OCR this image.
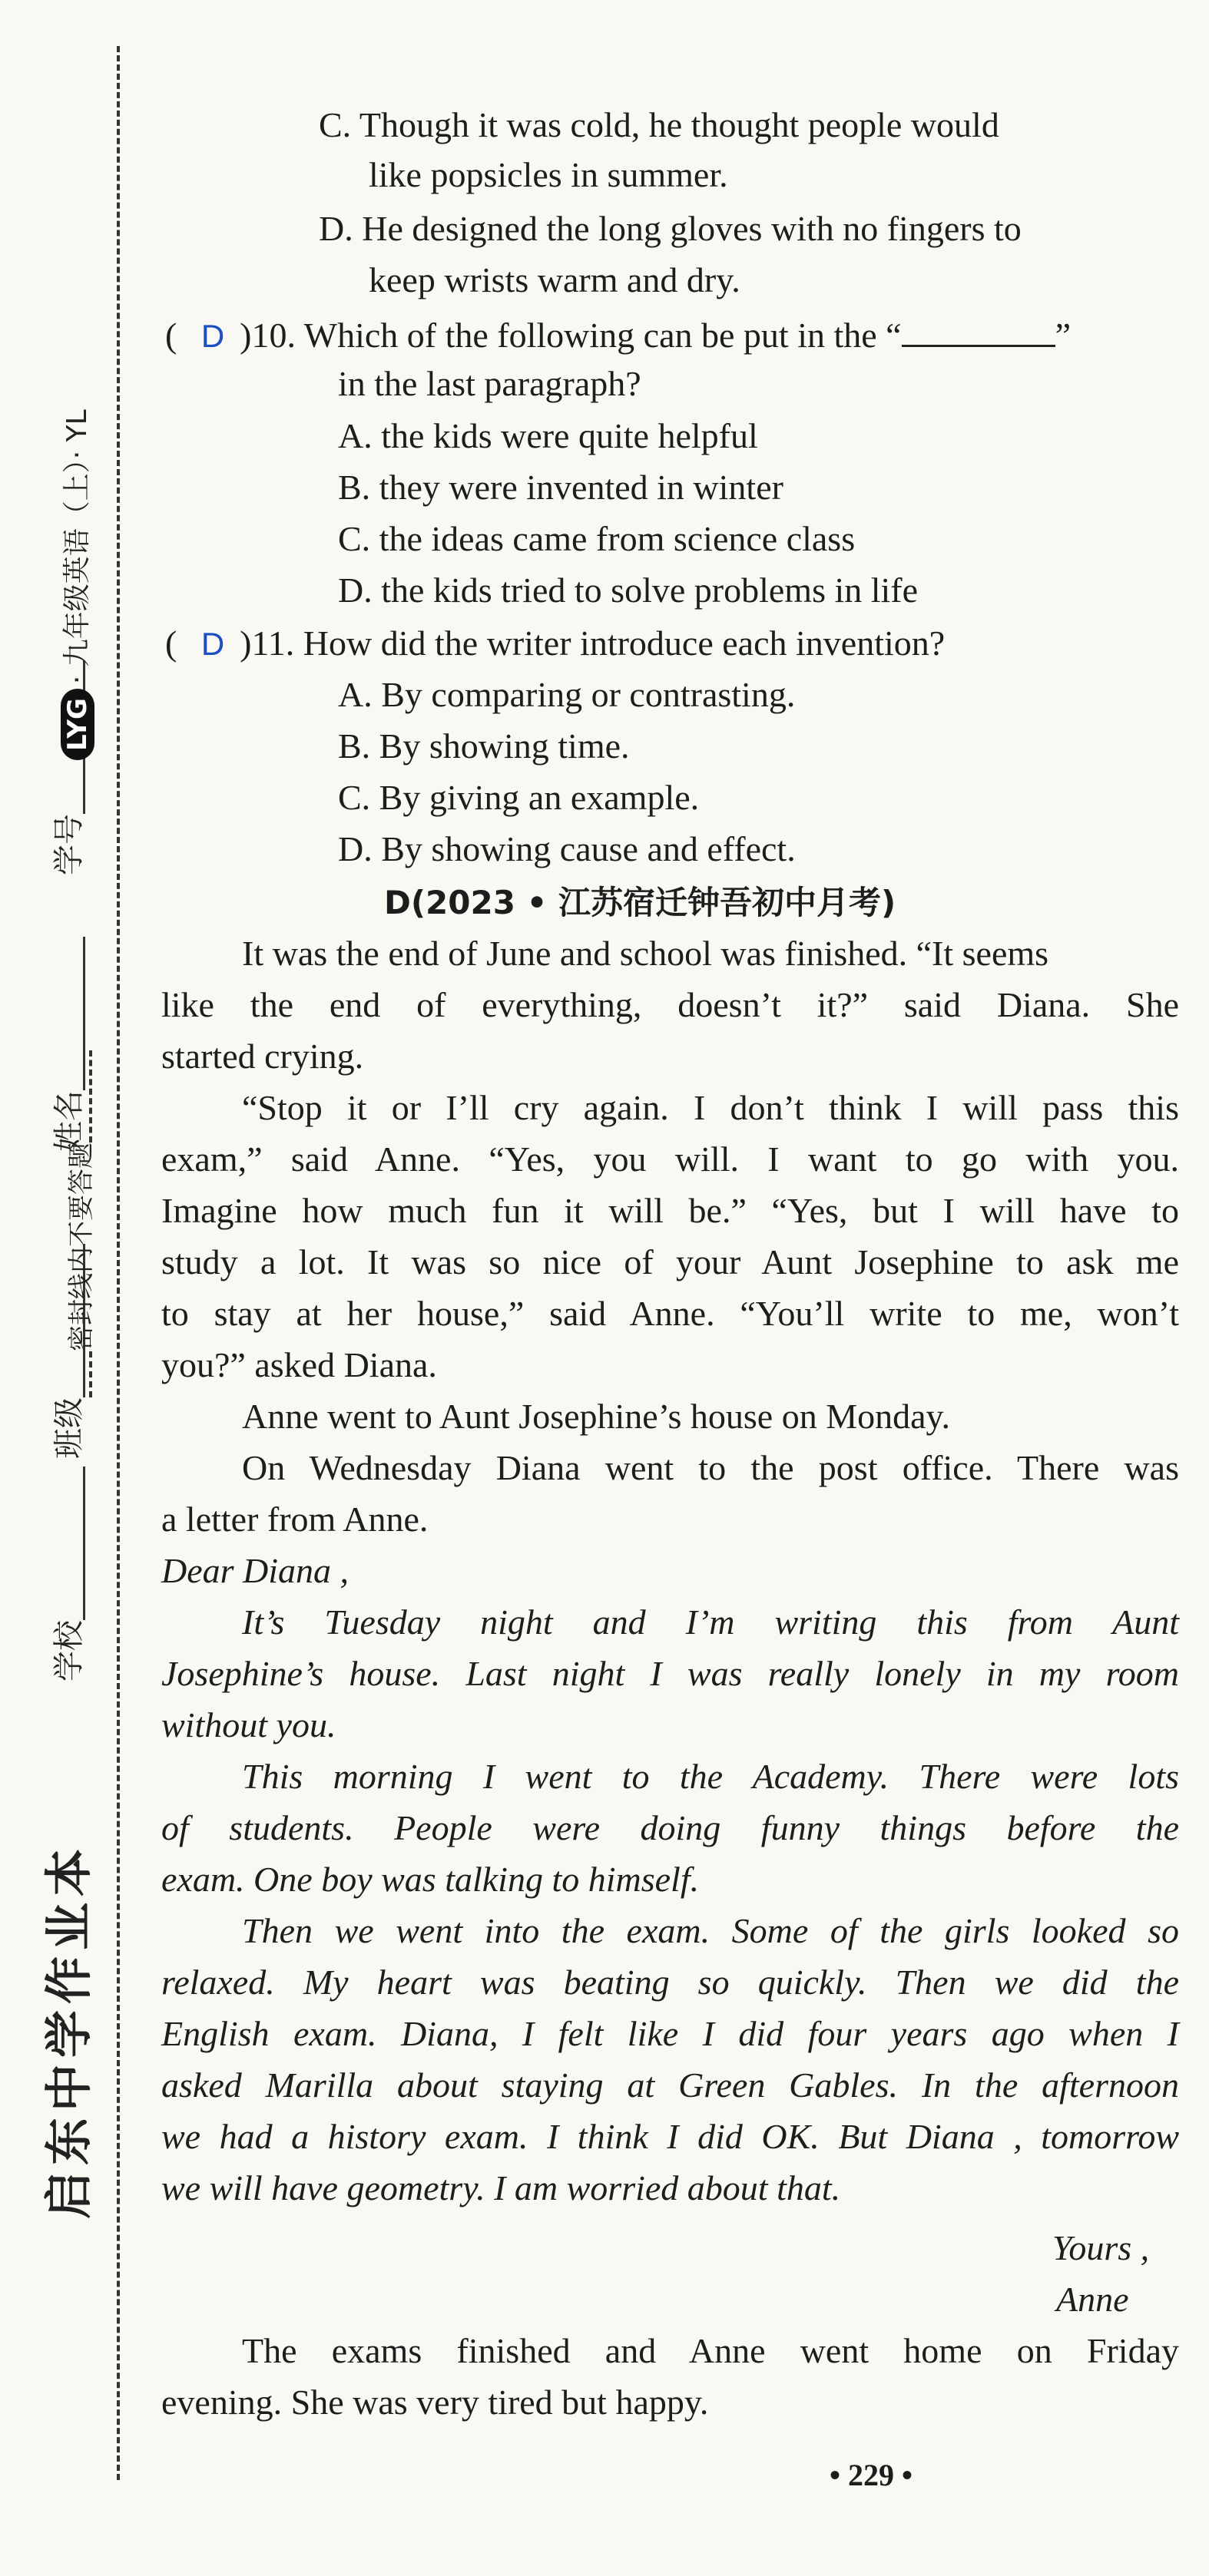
启东中学作业本
学校
班级
姓名
学号
密封线内不要答题
LYG· 九年级英语（上）· YL
C. Though it was cold, he thought people would
like popsicles in summer.
D. He designed the long gloves with no fingers to
keep wrists warm and dry.
( D )10. Which of the following can be put in the “	”
in the last paragraph?
A. the kids were quite helpful
B. they were invented in winter
C. the ideas came from science class
D. the kids tried to solve problems in life
( D )11. How did the writer introduce each invention?
A. By comparing or contrasting.
B. By showing time.
C. By giving an example.
D. By showing cause and effect.
D(2023 • 江苏宿迁钟吾初中月考)
It was the end of June and school was finished. “It seems
like the end of everything, doesn’t it?” said Diana. She
started crying.
“Stop it or I’ll cry again. I don’t think I will pass this
exam,” said Anne. “Yes, you will. I want to go with you.
Imagine how much fun it will be.” “Yes, but I will have to
study a lot. It was so nice of your Aunt Josephine to ask me
to stay at her house,” said Anne. “You’ll write to me, won’t
you?” asked Diana.
Anne went to Aunt Josephine’s house on Monday.
On Wednesday Diana went to the post office. There was
a letter from Anne.
Dear Diana ,
It’s Tuesday night and I’m writing this from Aunt
Josephine’s house. Last night I was really lonely in my room
without you.
This morning I went to the Academy. There were lots
of students. People were doing funny things before the
exam. One boy was talking to himself.
Then we went into the exam. Some of the girls looked so
relaxed. My heart was beating so quickly. Then we did the
English exam. Diana, I felt like I did four years ago when I
asked Marilla about staying at Green Gables. In the afternoon
we had a history exam. I think I did OK. But Diana , tomorrow
we will have geometry. I am worried about that.
Yours ,
Anne
The exams finished and Anne went home on Friday
evening. She was very tired but happy.
• 229 •
